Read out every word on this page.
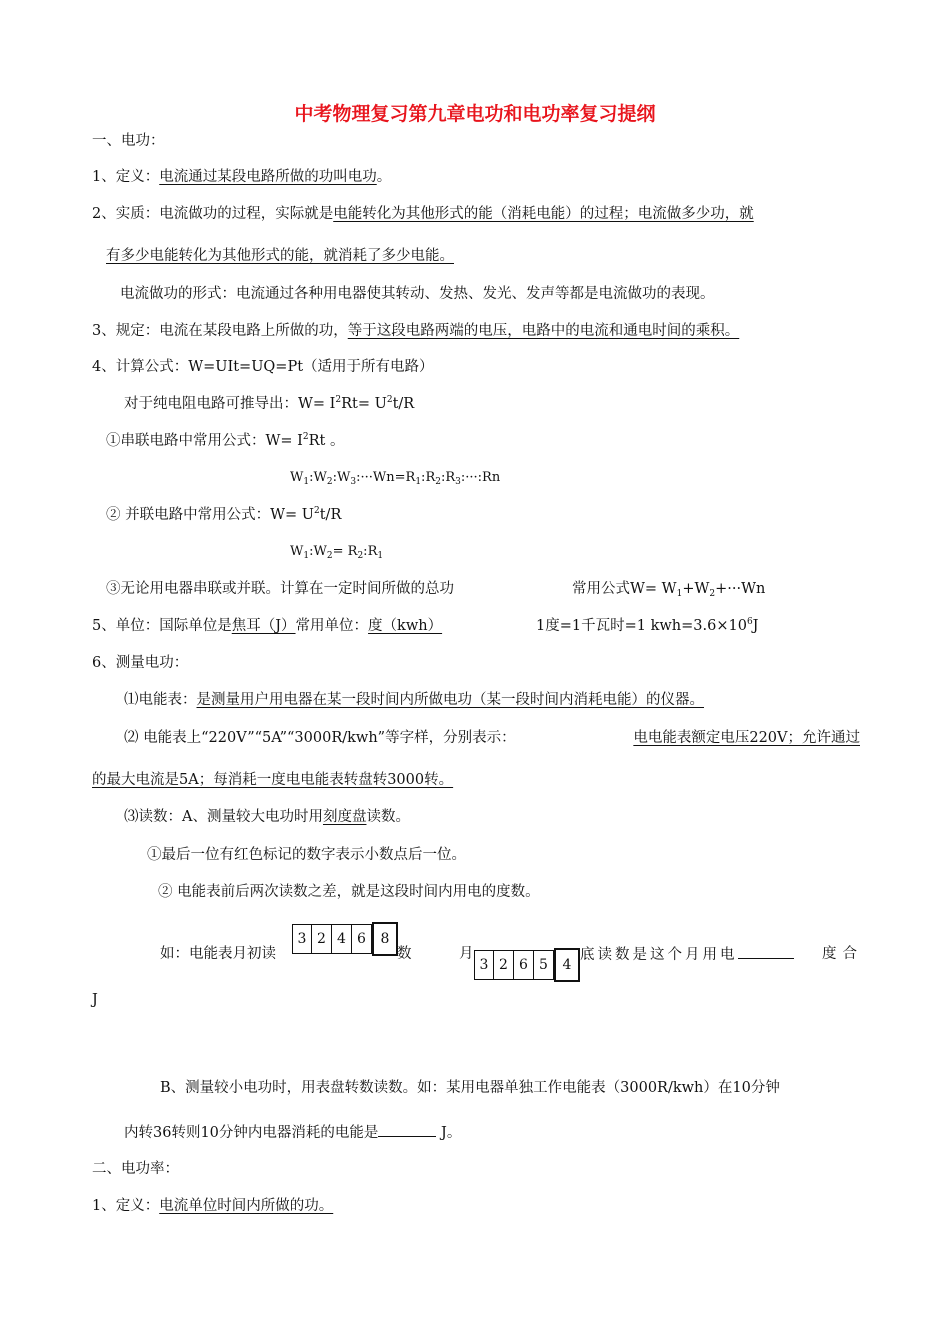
中考物理复习第九章电功和电功率复习提纲
一、电功：
1、定义：电流通过某段电路所做的功叫电功。
2、实质：电流做功的过程，实际就是电能转化为其他形式的能（消耗电能）的过程；电流做多少功，就
有多少电能转化为其他形式的能，就消耗了多少电能。
电流做功的形式：电流通过各种用电器使其转动、发热、发光、发声等都是电流做功的表现。
3、规定：电流在某段电路上所做的功，等于这段电路两端的电压，电路中的电流和通电时间的乘积。
4、计算公式：W=UIt=UQ=Pt（适用于所有电路）
对于纯电阻电路可推导出：$W= I^2Rt= U^2t/R$
①串联电路中常用公式：$W= I^2Rt$ 。
$W_1:W_2:W_3:\cdot\cdot\cdot Wn=R_1:R_2:R_3:\cdot\cdot\cdot:Rn$
② 并联电路中常用公式：$W= U^2t/R$
$W_1:W_2=$ $R_2:R_1$
③无论用电器串联或并联。计算在一定时间所做的总功	常用公式$W= W_1+W_2+\cdot\cdot\cdot Wn$
5、单位：国际单位是焦耳（J）常用单位：度（kwh）	1度=1千瓦时=1 $kwh=3.6\times 10^6J$
6、测量电功：
⑴电能表：是测量用户用电器在某一段时间内所做电功（某一段时间内消耗电能）的仪器。
⑵ 电能表上“220V”“5A”“3000R/kwh”等字样，分别表示：	电电能表额定电压220V；允许通过
的最大电流是5A；每消耗一度电电能表转盘转3000转。
⑶读数：A、测量较大电功时用刻度盘读数。
①最后一位有红色标记的数字表示小数点后一位。
② 电能表前后两次读数之差，就是这段时间内用电的度数。
如：电能表月初读
3 2 4 6	8
数	月
3 2 6 5	4
底读数是这个月用电	度合
J
B、测量较小电功时，用表盘转数读数。如：某用电器单独工作电能表（3000R/kwh）在10分钟
内转36转则10分钟内电器消耗的电能是	J。
二、电功率：
1、定义：电流单位时间内所做的功。
